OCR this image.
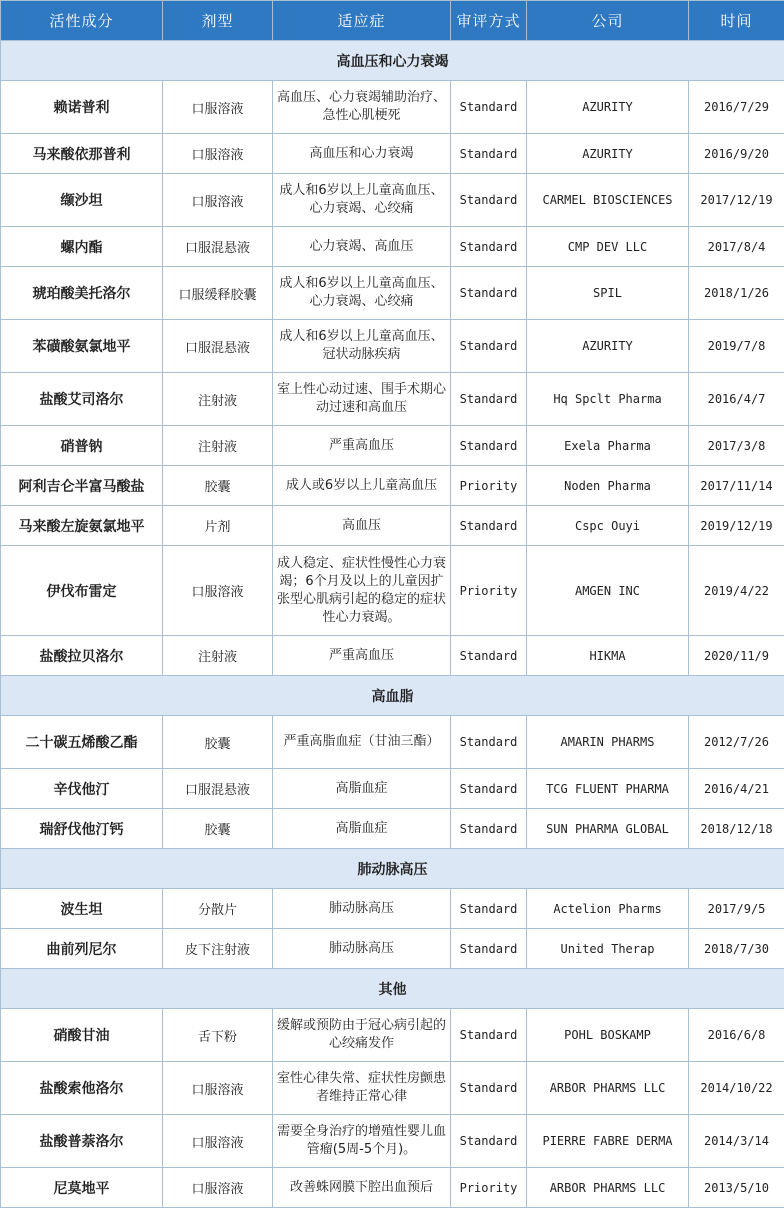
活性成分	剂型	适应症	审评方式	公司	时间
高血压和心力衰竭					
赖诺普利	口服溶液	高血压、心力衰竭辅助治疗、急性心肌梗死	Standard	AZURITY	2016/7/29
马来酸依那普利	口服溶液	高血压和心力衰竭	Standard	AZURITY	2016/9/20
缬沙坦	口服溶液	成人和6岁以上儿童高血压、心力衰竭、心绞痛	Standard	CARMEL BIOSCIENCES	2017/12/19
螺内酯	口服混悬液	心力衰竭、高血压	Standard	CMP DEV LLC	2017/8/4
琥珀酸美托洛尔	口服缓释胶囊	成人和6岁以上儿童高血压、心力衰竭、心绞痛	Standard	SPIL	2018/1/26
苯磺酸氨氯地平	口服混悬液	成人和6岁以上儿童高血压、冠状动脉疾病	Standard	AZURITY	2019/7/8
盐酸艾司洛尔	注射液	室上性心动过速、围手术期心动过速和高血压	Standard	Hq Spclt Pharma	2016/4/7
硝普钠	注射液	严重高血压	Standard	Exela Pharma	2017/3/8
阿利吉仑半富马酸盐	胶囊	成人或6岁以上儿童高血压	Priority	Noden Pharma	2017/11/14
马来酸左旋氨氯地平	片剂	高血压	Standard	Cspc Ouyi	2019/12/19
伊伐布雷定	口服溶液	成人稳定、症状性慢性心力衰竭；6个月及以上的儿童因扩张型心肌病引起的稳定的症状性心力衰竭。	Priority	AMGEN INC	2019/4/22
盐酸拉贝洛尔	注射液	严重高血压	Standard	HIKMA	2020/11/9
高血脂					
二十碳五烯酸乙酯	胶囊	严重高脂血症（甘油三酯）	Standard	AMARIN PHARMS	2012/7/26
辛伐他汀	口服混悬液	高脂血症	Standard	TCG FLUENT PHARMA	2016/4/21
瑞舒伐他汀钙	胶囊	高脂血症	Standard	SUN PHARMA GLOBAL	2018/12/18
肺动脉高压					
波生坦	分散片	肺动脉高压	Standard	Actelion Pharms	2017/9/5
曲前列尼尔	皮下注射液	肺动脉高压	Standard	United Therap	2018/7/30
其他					
硝酸甘油	舌下粉	缓解或预防由于冠心病引起的心绞痛发作	Standard	POHL BOSKAMP	2016/6/8
盐酸索他洛尔	口服溶液	室性心律失常、症状性房颤患者维持正常心律	Standard	ARBOR PHARMS LLC	2014/10/22
盐酸普萘洛尔	口服溶液	需要全身治疗的增殖性婴儿血管瘤(5周-5个月)。	Standard	PIERRE FABRE DERMA	2014/3/14
尼莫地平	口服溶液	改善蛛网膜下腔出血预后	Priority	ARBOR PHARMS LLC	2013/5/10
